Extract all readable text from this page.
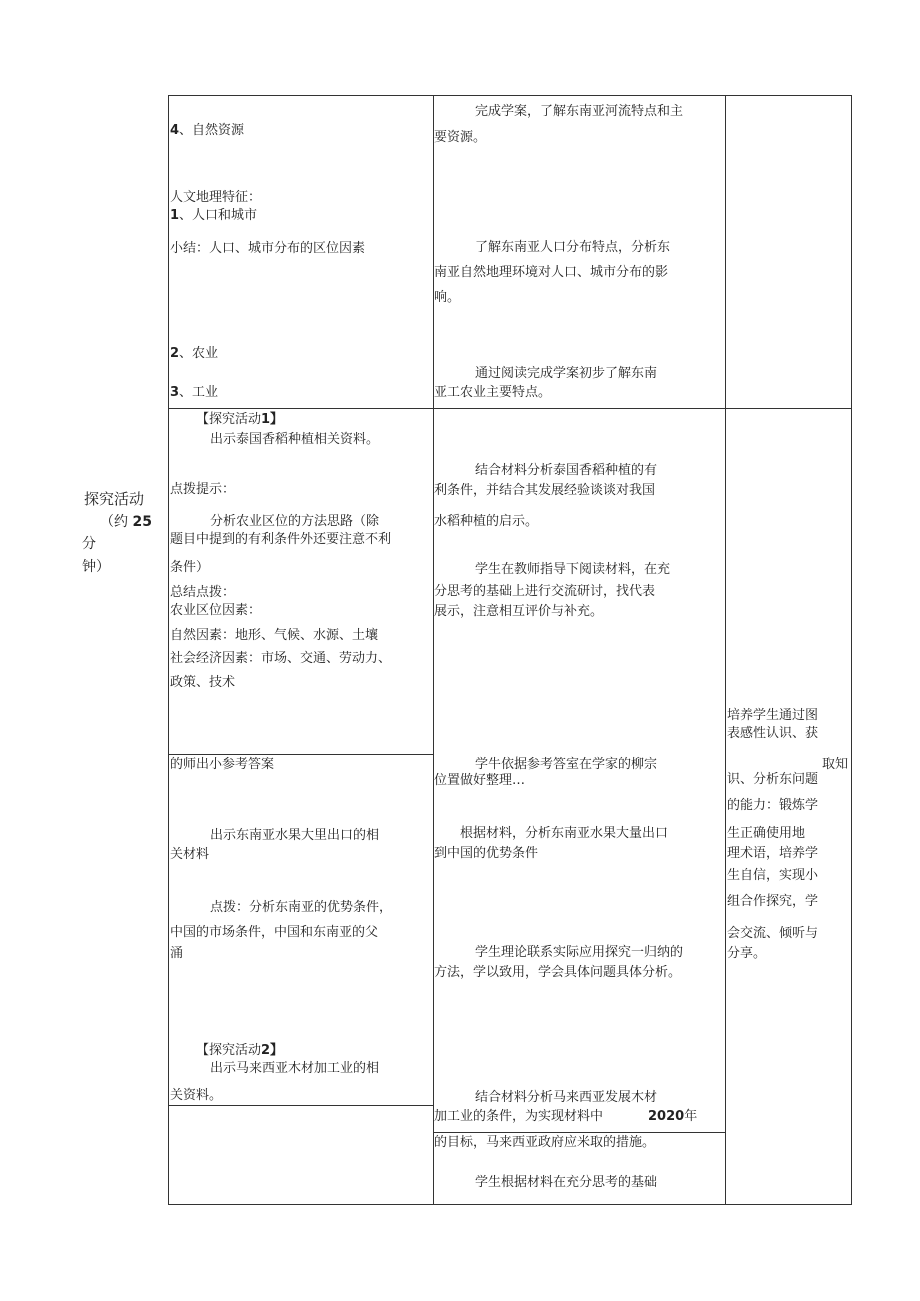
探究活动
（约 25
分
钟）
4、自然资源
人文地理特征：
1、人口和城市
小结：人口、城市分布的区位因素
2、农业
3、工业
完成学案，了解东南亚河流特点和主
要资源。
了解东南亚人口分布特点，分析东
南亚自然地理环境对人口、城市分布的影
响。
通过阅读完成学案初步了解东南
亚工农业主要特点。
【探究活动1】
出示泰国香稻种植相关资料。
点拨提示：
分析农业区位的方法思路（除
题目中提到的有利条件外还要注意不利
条件）
总结点拨：
农业区位因素：
自然因素：地形、气候、水源、土壤
社会经济因素：市场、交通、劳动力、
政策、技术
的师出小参考答案
出示东南亚水果大里出口的相
关材料
点拨：分析东南亚的优势条件，
中国的市场条件，中国和东南亚的父
涌
【探究活动2】
出示马来西亚木材加工业的相
关资料。
结合材料分析泰国香稻种植的有
利条件，并结合其发展经验谈谈对我国
水稻种植的启示。
学生在教师指导下阅读材料，在充
分思考的基础上进行交流研讨，找代表
展示，注意相互评价与补充。
学牛依据参考答室在学家的柳宗
位置做好整理…
根据材料，分析东南亚水果大量出口
到中国的优势条件
学生理论联系实际应用探究一归纳的
方法，学以致用，学会具体问题具体分析。
结合材料分析马来西亚发展木材
加工业的条件，为实现材料中	2020年
的目标，马来西亚政府应米取的措施。
学生根据材料在充分思考的基础
培养学生通过图
表感性认识、获
取知
识、分析东问题
的能力：锻炼学
生正确使用地
理术语，培养学
生自信，实现小
组合作探究，学
会交流、倾听与
分享。
